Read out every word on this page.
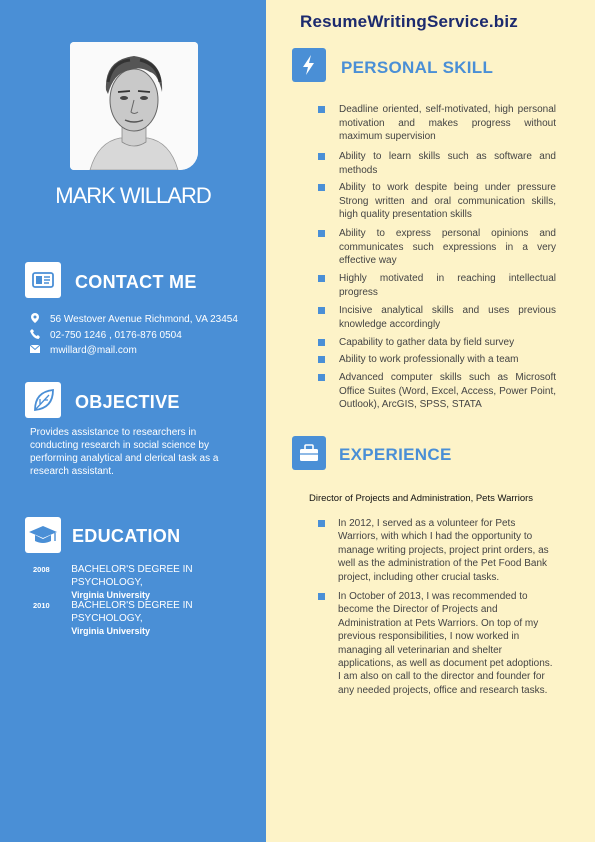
MARK WILLARD
CONTACT ME
56 Westover Avenue Richmond, VA 23454
02-750 1246 , 0176-876 0504
mwillard@mail.com
OBJECTIVE
Provides assistance to researchers in conducting research in social science by performing analytical and clerical task as a research assistant.
EDUCATION
2008	BACHELOR'S DEGREE IN PSYCHOLOGY,
Virginia University
2010	BACHELOR'S DEGREE IN PSYCHOLOGY,
Virginia University
ResumeWritingService.biz
PERSONAL SKILL
Deadline oriented, self-motivated, high personal motivation and makes progress without maximum supervision
Ability to learn skills such as software and methods
Ability to work despite being under pressure Strong written and oral communication skills, high quality presentation skills
Ability to express personal opinions and communicates such expressions in a very effective way
Highly motivated in reaching intellectual progress
Incisive analytical skills and uses previous knowledge accordingly
Capability to gather data by field survey
Ability to work professionally with a team
Advanced computer skills such as Microsoft Office Suites (Word, Excel, Access, Power Point, Outlook), ArcGIS, SPSS, STATA
EXPERIENCE
Director of Projects and Administration, Pets Warriors
In 2012, I served as a volunteer for Pets Warriors, with which I had the opportunity to manage writing projects, project print orders, as well as the administration of the Pet Food Bank project, including other crucial tasks.
In October of 2013, I was recommended to become the Director of Projects and Administration at Pets Warriors. On top of my previous responsibilities, I now worked in managing all veterinarian and shelter applications, as well as document pet adoptions. I am also on call to the director and founder for any needed projects, office and research tasks.
